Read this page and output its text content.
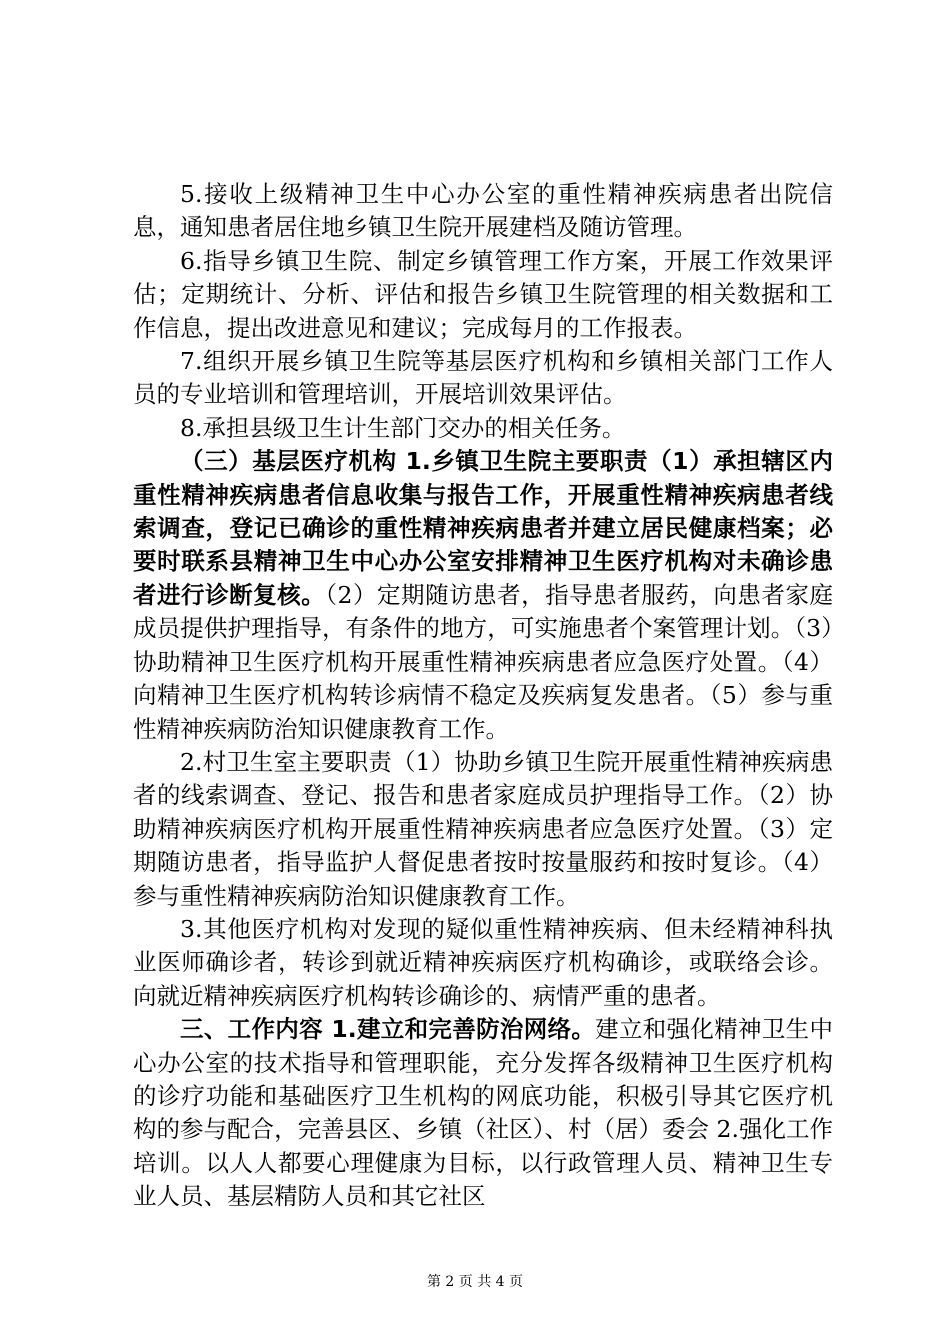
5.接收上级精神卫生中心办公室的重性精神疾病患者出院信息，通知患者居住地乡镇卫生院开展建档及随访管理。

6.指导乡镇卫生院、制定乡镇管理工作方案，开展工作效果评估；定期统计、分析、评估和报告乡镇卫生院管理的相关数据和工作信息，提出改进意见和建议；完成每月的工作报表。

7.组织开展乡镇卫生院等基层医疗机构和乡镇相关部门工作人员的专业培训和管理培训，开展培训效果评估。

8.承担县级卫生计生部门交办的相关任务。

（三）基层医疗机构 1.乡镇卫生院主要职责（1）承担辖区内重性精神疾病患者信息收集与报告工作，开展重性精神疾病患者线索调查，登记已确诊的重性精神疾病患者并建立居民健康档案；必要时联系县精神卫生中心办公室安排精神卫生医疗机构对未确诊患者进行诊断复核。（2）定期随访患者，指导患者服药，向患者家庭成员提供护理指导，有条件的地方，可实施患者个案管理计划。（3）协助精神卫生医疗机构开展重性精神疾病患者应急医疗处置。（4）向精神卫生医疗机构转诊病情不稳定及疾病复发患者。（5）参与重性精神疾病防治知识健康教育工作。

2.村卫生室主要职责（1）协助乡镇卫生院开展重性精神疾病患者的线索调查、登记、报告和患者家庭成员护理指导工作。（2）协助精神疾病医疗机构开展重性精神疾病患者应急医疗处置。（3）定期随访患者，指导监护人督促患者按时按量服药和按时复诊。（4）参与重性精神疾病防治知识健康教育工作。

3.其他医疗机构对发现的疑似重性精神疾病、但未经精神科执业医师确诊者，转诊到就近精神疾病医疗机构确诊，或联络会诊。向就近精神疾病医疗机构转诊确诊的、病情严重的患者。

三、工作内容 1.建立和完善防治网络。建立和强化精神卫生中心办公室的技术指导和管理职能，充分发挥各级精神卫生医疗机构的诊疗功能和基础医疗卫生机构的网底功能，积极引导其它医疗机构的参与配合，完善县区、乡镇（社区）、村（居）委会 2.强化工作培训。以人人都要心理健康为目标，以行政管理人员、精神卫生专业人员、基层精防人员和其它社区

第 2 页 共 4 页
